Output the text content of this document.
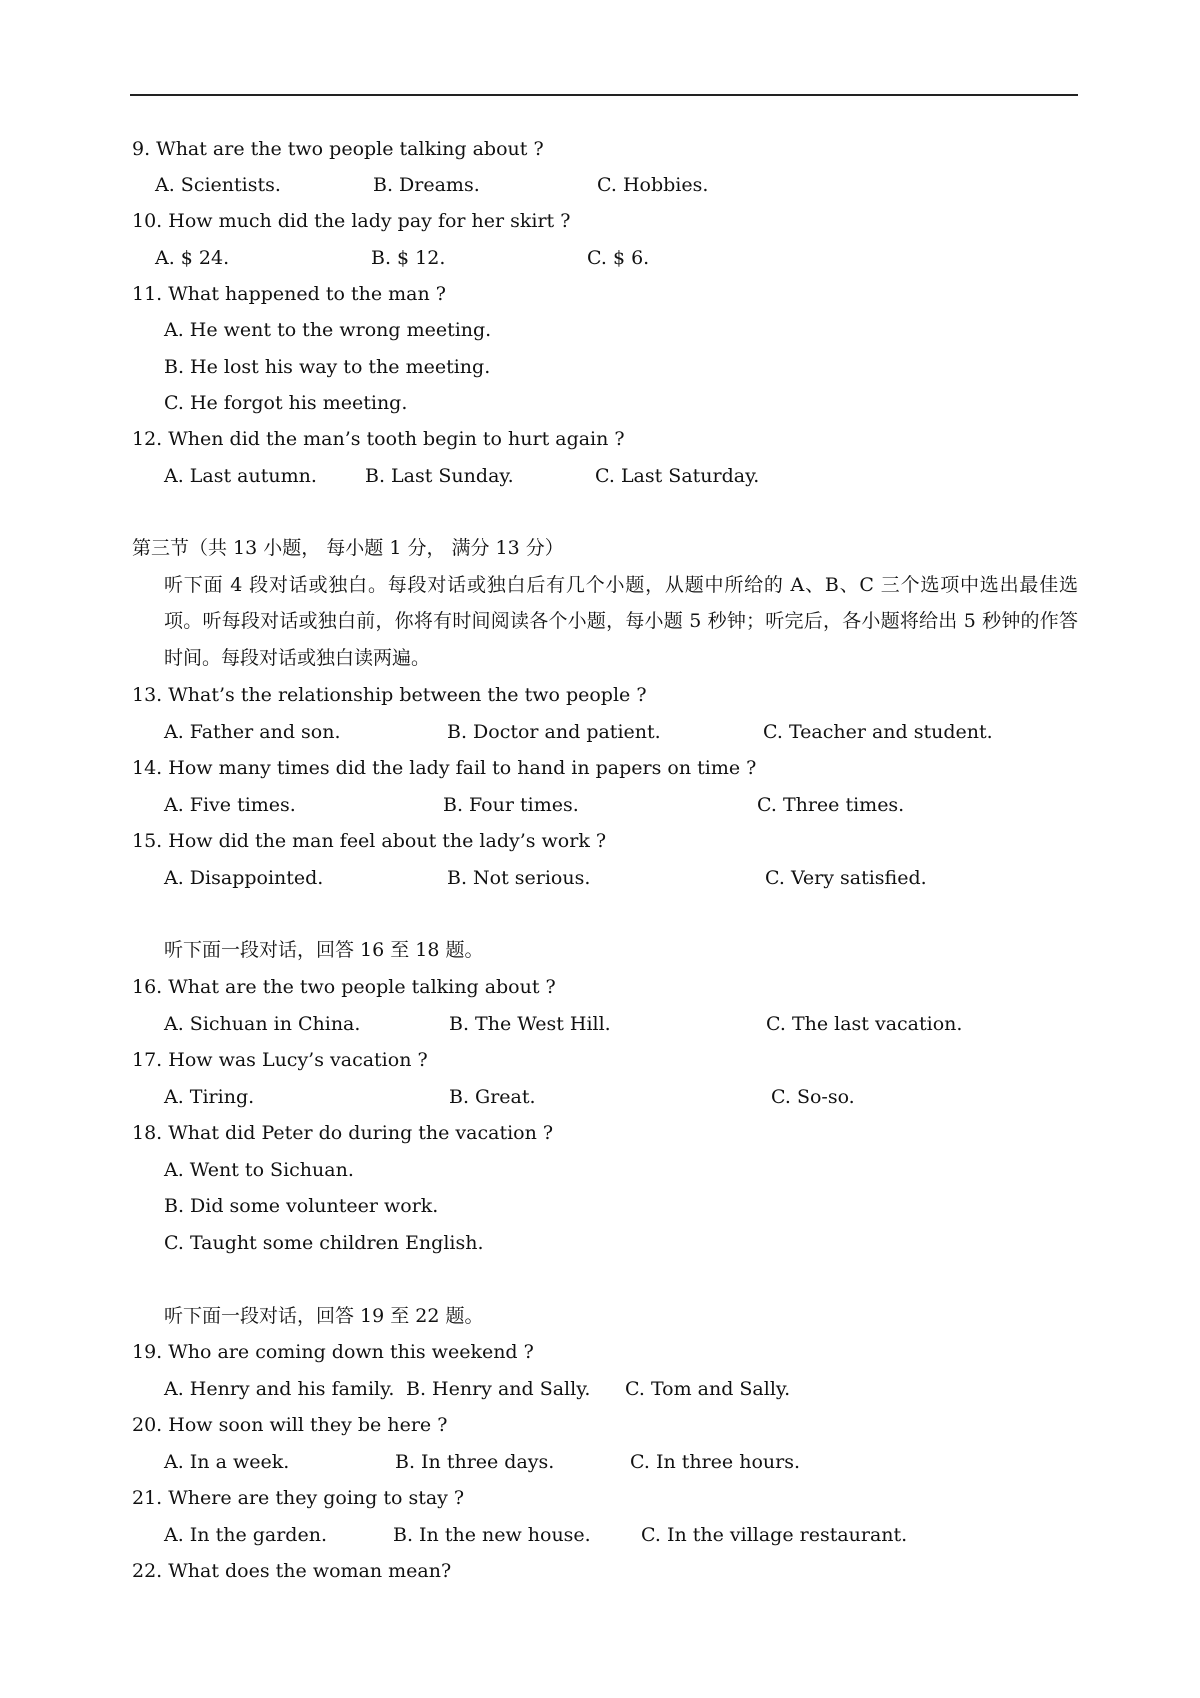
9. What are the two people talking about ?
A. Scientists.	B. Dreams.	C. Hobbies.
10. How much did the lady pay for her skirt ?
A. $ 24.	B. $ 12.	C. $ 6.
11. What happened to the man ?
A. He went to the wrong meeting.
B. He lost his way to the meeting.
C. He forgot his meeting.
12. When did the man’s tooth begin to hurt again ?
A. Last autumn.	B. Last Sunday.	C. Last Saturday.
第三节（共 13 小题， 每小题 1 分， 满分 13 分）
听下面 4 段对话或独白。每段对话或独白后有几个小题，从题中所给的 A、B、C 三个选项中选出最佳选项。听每段对话或独白前，你将有时间阅读各个小题，每小题 5 秒钟；听完后，各小题将给出 5 秒钟的作答时间。每段对话或独白读两遍。
13. What’s the relationship between the two people ?
A. Father and son.	B. Doctor and patient.	C. Teacher and student.
14. How many times did the lady fail to hand in papers on time ?
A. Five times.	B. Four times.	C. Three times.
15. How did the man feel about the lady’s work ?
A. Disappointed.	B. Not serious.	C. Very satisfied.
听下面一段对话，回答 16 至 18 题。
16. What are the two people talking about ?
A. Sichuan in China.	B. The West Hill.	C. The last vacation.
17. How was Lucy’s vacation ?
A. Tiring.	B. Great.	C. So-so.
18. What did Peter do during the vacation ?
A. Went to Sichuan.
B. Did some volunteer work.
C. Taught some children English.
听下面一段对话，回答 19 至 22 题。
19. Who are coming down this weekend ?
A. Henry and his family. B. Henry and Sally. C. Tom and Sally.
20. How soon will they be here ?
A. In a week.	B. In three days.	C. In three hours.
21. Where are they going to stay ?
A. In the garden.	B. In the new house.	C. In the village restaurant.
22. What does the woman mean?
